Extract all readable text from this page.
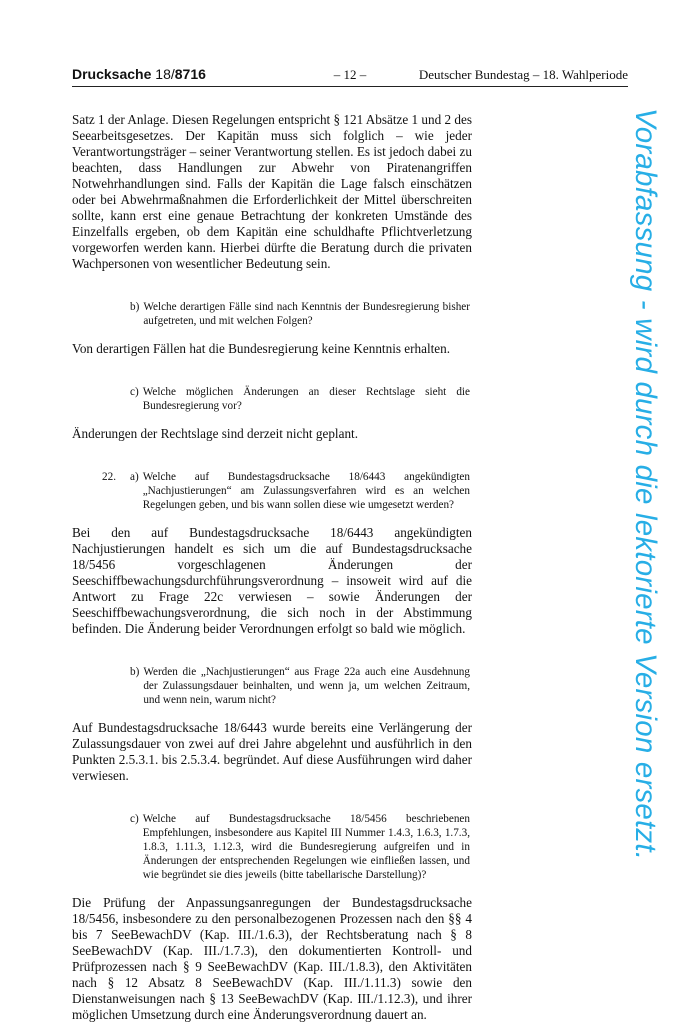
Drucksache 18/8716	– 12 –	Deutscher Bundestag – 18. Wahlperiode

Satz 1 der Anlage. Diesen Regelungen entspricht § 121 Absätze 1 und 2 des Seearbeitsgesetzes. Der Kapitän muss sich folglich – wie jeder Verantwortungsträger – seiner Verantwortung stellen. Es ist jedoch dabei zu beachten, dass Handlungen zur Abwehr von Piratenangriffen Notwehrhandlungen sind. Falls der Kapitän die Lage falsch einschätzen oder bei Abwehrmaßnahmen die Erforderlichkeit der Mittel überschreiten sollte, kann erst eine genaue Betrachtung der konkreten Umstände des Einzelfalls ergeben, ob dem Kapitän eine schuldhafte Pflichtverletzung vorgeworfen werden kann. Hierbei dürfte die Beratung durch die privaten Wachpersonen von wesentlicher Bedeutung sein.

b) Welche derartigen Fälle sind nach Kenntnis der Bundesregierung bisher aufgetreten, und mit welchen Folgen?

Von derartigen Fällen hat die Bundesregierung keine Kenntnis erhalten.

c) Welche möglichen Änderungen an dieser Rechtslage sieht die Bundesregierung vor?

Änderungen der Rechtslage sind derzeit nicht geplant.

22.	a) Welche auf Bundestagsdrucksache 18/6443 angekündigten „Nachjustierungen“ am Zulassungsverfahren wird es an welchen Regelungen geben, und bis wann sollen diese wie umgesetzt werden?

Bei den auf Bundestagsdrucksache 18/6443 angekündigten Nachjustierungen handelt es sich um die auf Bundestagsdrucksache 18/5456 vorgeschlagenen Änderungen der Seeschiffbewachungsdurchführungsverordnung – insoweit wird auf die Antwort zu Frage 22c verwiesen – sowie Änderungen der Seeschiffbewachungsverordnung, die sich noch in der Abstimmung befinden. Die Änderung beider Verordnungen erfolgt so bald wie möglich.

b) Werden die „Nachjustierungen“ aus Frage 22a auch eine Ausdehnung der Zulassungsdauer beinhalten, und wenn ja, um welchen Zeitraum, und wenn nein, warum nicht?

Auf Bundestagsdrucksache 18/6443 wurde bereits eine Verlängerung der Zulassungsdauer von zwei auf drei Jahre abgelehnt und ausführlich in den Punkten 2.5.3.1. bis 2.5.3.4. begründet. Auf diese Ausführungen wird daher verwiesen.

c) Welche auf Bundestagsdrucksache 18/5456 beschriebenen Empfehlungen, insbesondere aus Kapitel III Nummer 1.4.3, 1.6.3, 1.7.3, 1.8.3, 1.11.3, 1.12.3, wird die Bundesregierung aufgreifen und in Änderungen der entsprechenden Regelungen wie einfließen lassen, und wie begründet sie dies jeweils (bitte tabellarische Darstellung)?

Die Prüfung der Anpassungsanregungen der Bundestagsdrucksache 18/5456, insbesondere zu den personalbezogenen Prozessen nach den §§ 4 bis 7 SeeBewachDV (Kap. III./1.6.3), der Rechtsberatung nach § 8 SeeBewachDV (Kap. III./1.7.3), den dokumentierten Kontroll- und Prüfprozessen nach § 9 SeeBewachDV (Kap. III./1.8.3), den Aktivitäten nach § 12 Absatz 8 SeeBewachDV (Kap. III./1.11.3) sowie den Dienstanweisungen nach § 13 SeeBewachDV (Kap. III./1.12.3), und ihrer möglichen Umsetzung durch eine Änderungsverordnung dauert an.

Vorabfassung - wird durch die lektorierte Version ersetzt.
